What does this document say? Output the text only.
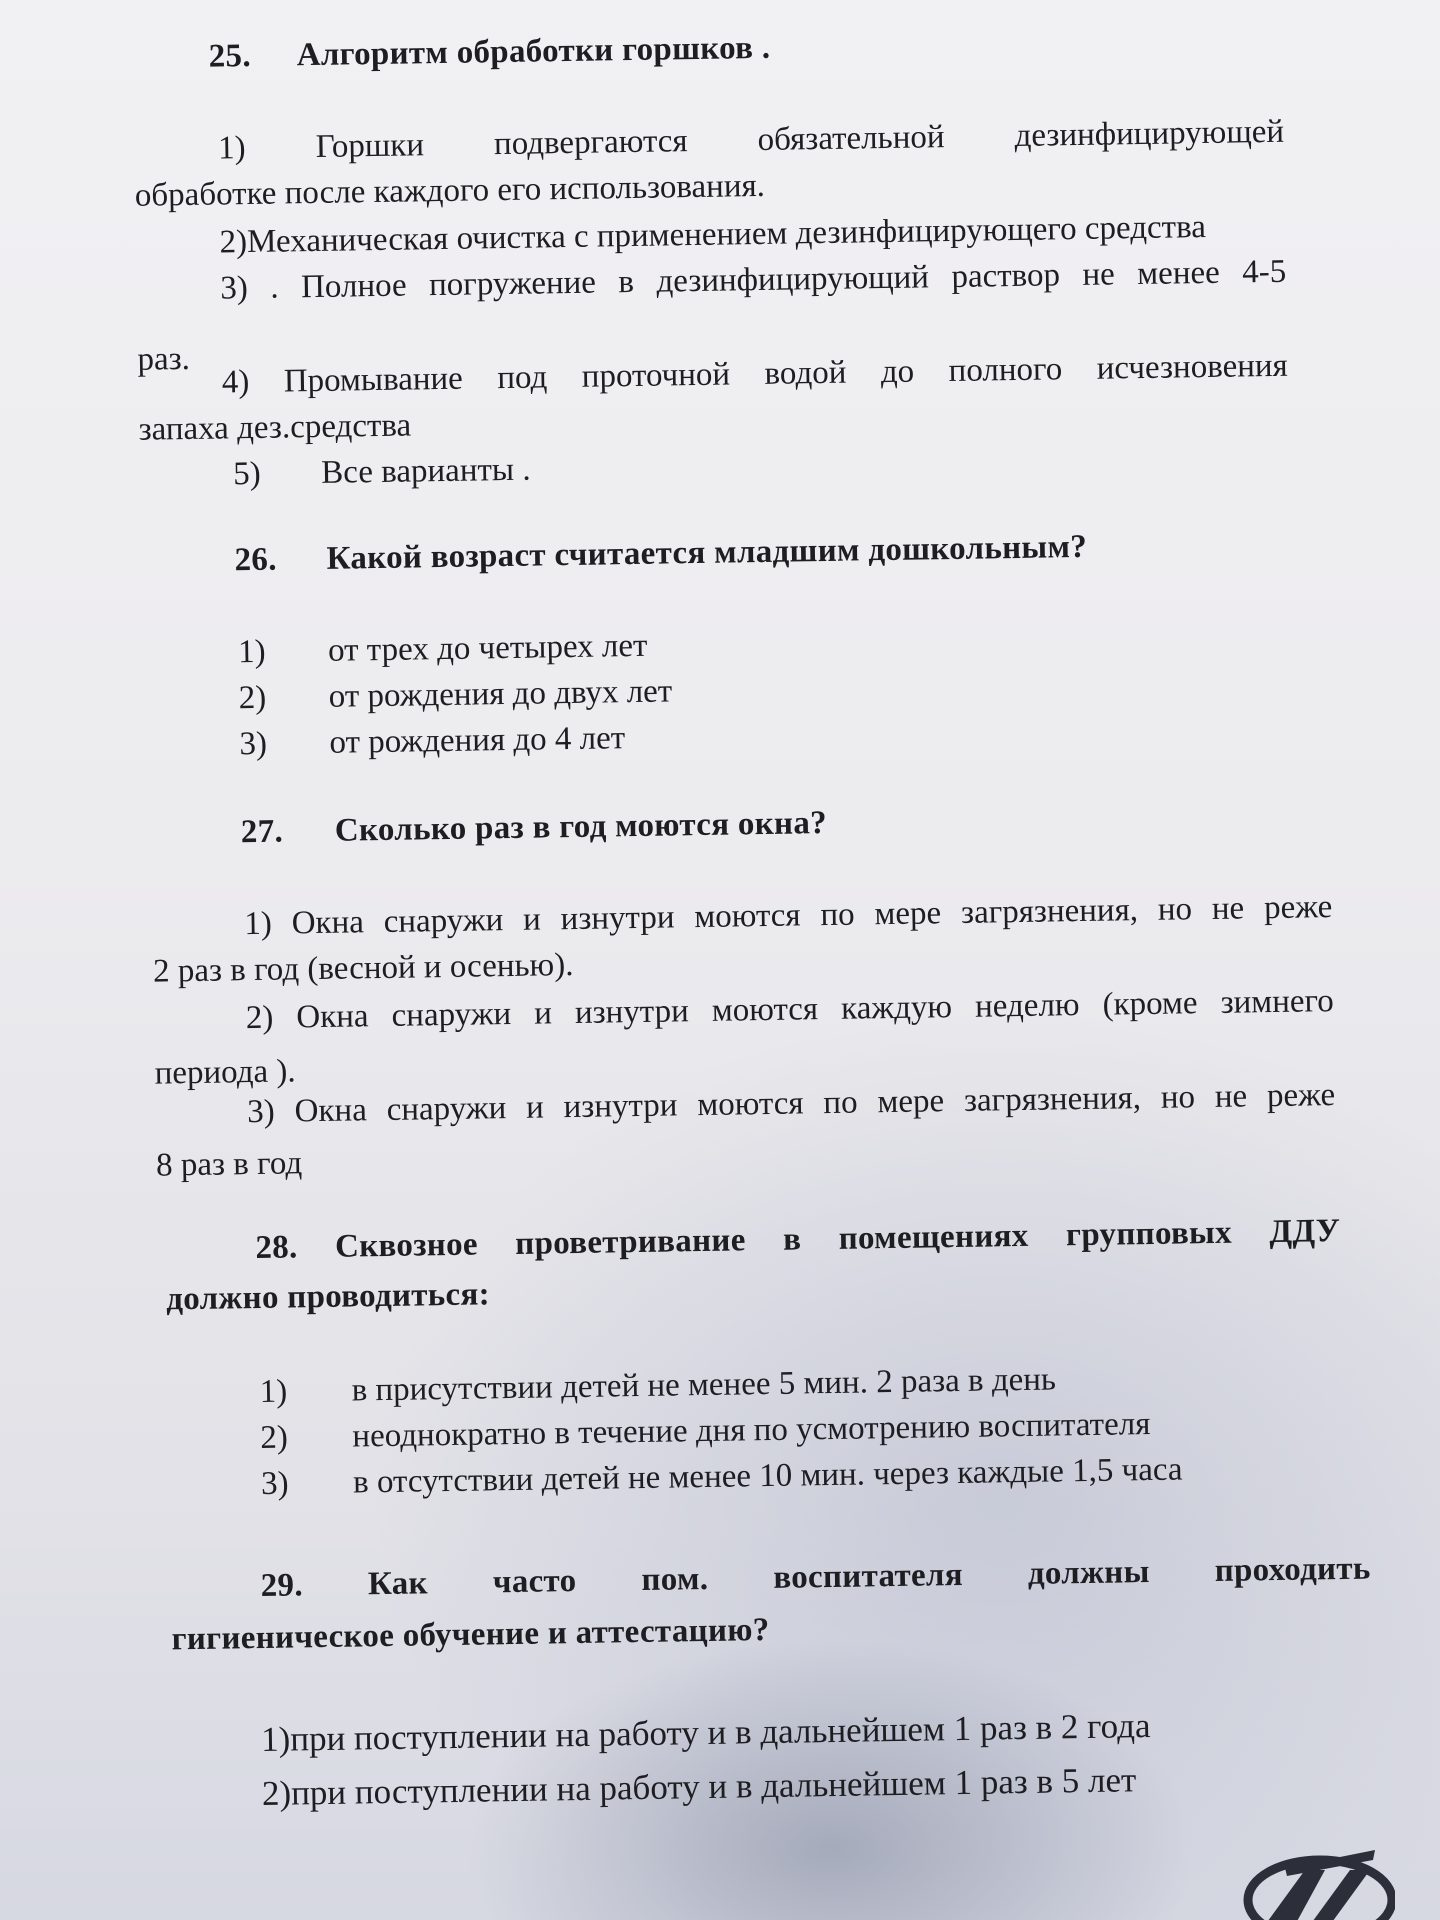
25.	Алгоритм обработки горшков .
1) Горшки подвергаются обязательной дезинфицирующей
обработке после каждого его использования.
2) Механическая очистка с применением дезинфицирующего средства
3) . Полное погружение в дезинфицирующий раствор не менее 4-5
раз.
4) Промывание под проточной водой до полного исчезновения
запаха дез.средства
5)	Все варианты .
26.	Какой возраст считается младшим дошкольным?
1)	от трех до четырех лет
2)	от рождения до двух лет
3)	от рождения до 4 лет
27.	Сколько раз в год моются окна?
1) Окна снаружи и изнутри моются по мере загрязнения, но не реже
2 раз в год (весной и осенью).
2) Окна снаружи и изнутри моются каждую неделю (кроме зимнего
периода ).
3) Окна снаружи и изнутри моются по мере загрязнения, но не реже
8 раз в год
28. Сквозное проветривание в помещениях групповых ДДУ
должно проводиться:
1)	в присутствии детей не менее 5 мин. 2 раза в день
2)	неоднократно в течение дня по усмотрению воспитателя
3)	в отсутствии детей не менее 10 мин. через каждые 1,5 часа
29. Как часто пом. воспитателя должны проходить
гигиеническое обучение и аттестацию?
1) при поступлении на работу и в дальнейшем 1 раз в 2 года
2) при поступлении на работу и в дальнейшем 1 раз в 5 лет
